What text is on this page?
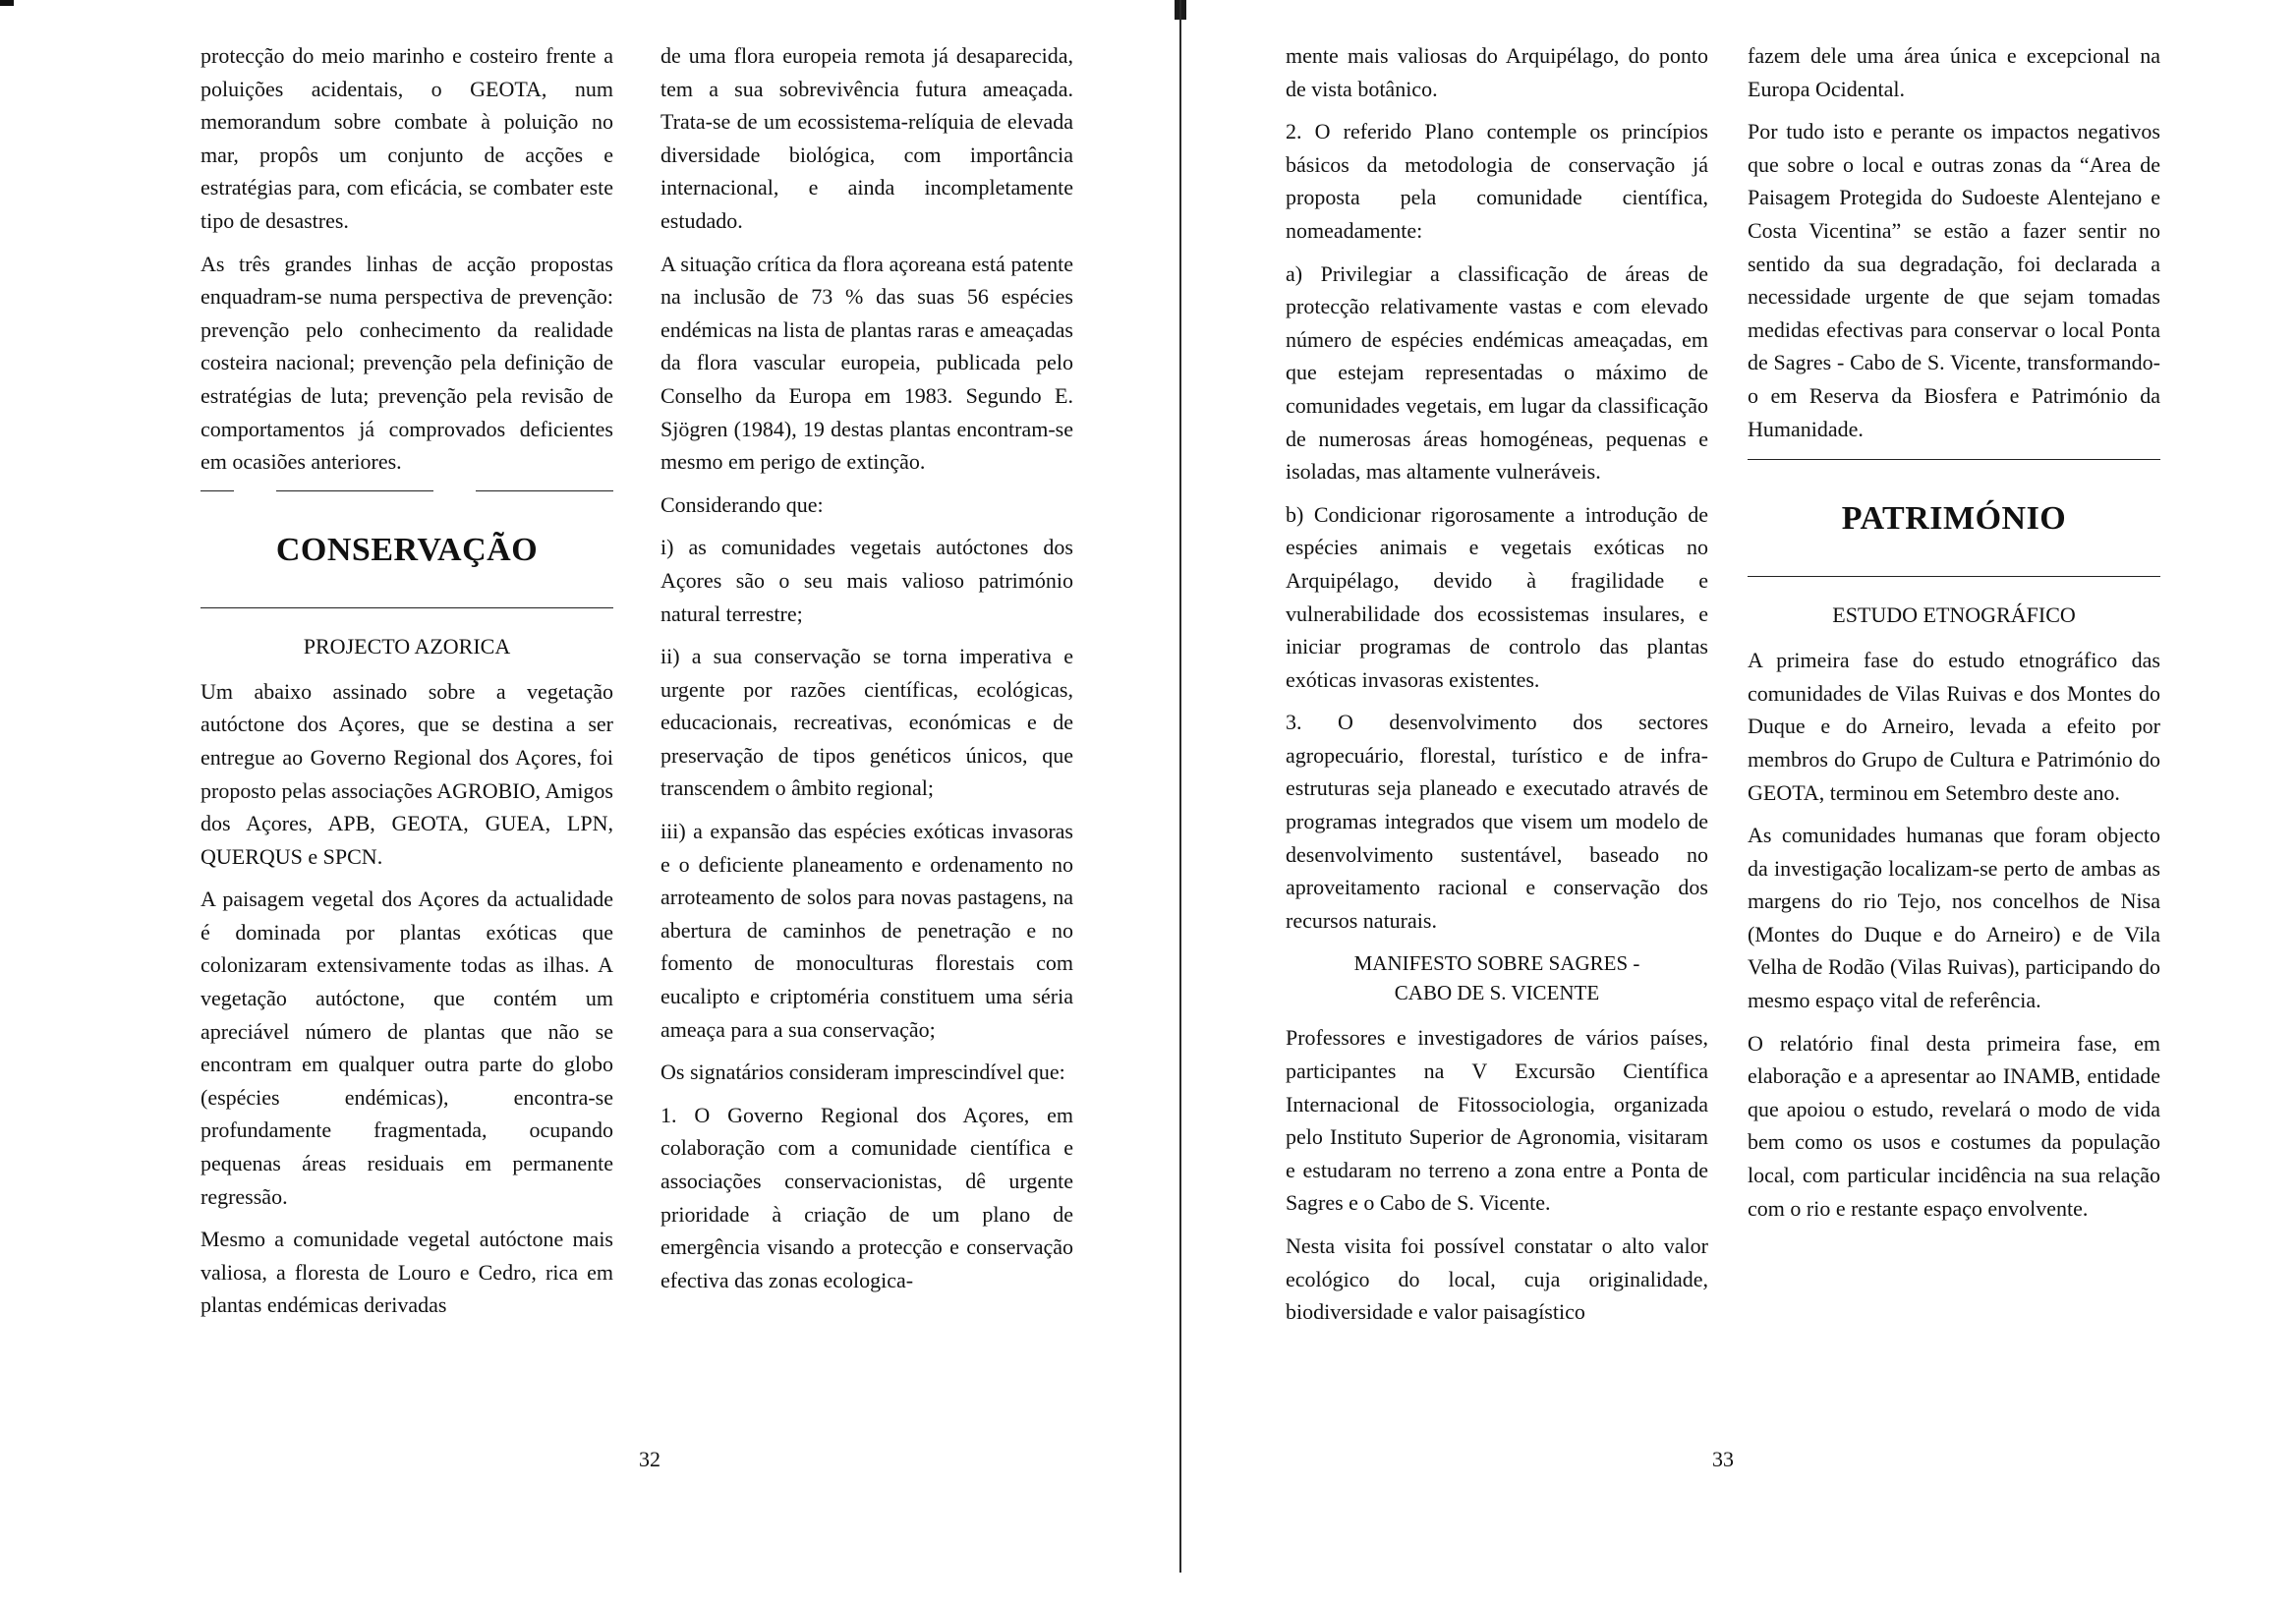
protecção do meio marinho e costeiro frente a poluições acidentais, o GEOTA, num memorandum sobre combate à poluição no mar, propôs um conjunto de acções e estratégias para, com eficácia, se combater este tipo de desastres.

As três grandes linhas de acção propostas enquadram-se numa perspectiva de prevenção: prevenção pelo conhecimento da realidade costeira nacional; prevenção pela definição de estratégias de luta; prevenção pela revisão de comportamentos já comprovados deficientes em ocasiões anteriores.

CONSERVAÇÃO
PROJECTO AZORICA

Um abaixo assinado sobre a vegetação autóctone dos Açores, que se destina a ser entregue ao Governo Regional dos Açores, foi proposto pelas associações AGROBIO, Amigos dos Açores, APB, GEOTA, GUEA, LPN, QUERQUS e SPCN.

A paisagem vegetal dos Açores da actualidade é dominada por plantas exóticas que colonizaram extensivamente todas as ilhas. A vegetação autóctone, que contém um apreciável número de plantas que não se encontram em qualquer outra parte do globo (espécies endémicas), encontra-se profundamente fragmentada, ocupando pequenas áreas residuais em permanente regressão.

Mesmo a comunidade vegetal autóctone mais valiosa, a floresta de Louro e Cedro, rica em plantas endémicas derivadas

de uma flora europeia remota já desaparecida, tem a sua sobrevivência futura ameaçada. Trata-se de um ecossistema-relíquia de elevada diversidade biológica, com importância internacional, e ainda incompletamente estudado.

A situação crítica da flora açoreana está patente na inclusão de 73 % das suas 56 espécies endémicas na lista de plantas raras e ameaçadas da flora vascular europeia, publicada pelo Conselho da Europa em 1983. Segundo E. Sjögren (1984), 19 destas plantas encontram-se mesmo em perigo de extinção.

Considerando que:

i) as comunidades vegetais autóctones dos Açores são o seu mais valioso património natural terrestre;

ii) a sua conservação se torna imperativa e urgente por razões científicas, ecológicas, educacionais, recreativas, económicas e de preservação de tipos genéticos únicos, que transcendem o âmbito regional;

iii) a expansão das espécies exóticas invasoras e o deficiente planeamento e ordenamento no arroteamento de solos para novas pastagens, na abertura de caminhos de penetração e no fomento de monoculturas florestais com eucalipto e criptoméria constituem uma séria ameaça para a sua conservação;

Os signatários consideram imprescindível que:

1. O Governo Regional dos Açores, em colaboração com a comunidade científica e associações conservacionistas, dê urgente prioridade à criação de um plano de emergência visando a protecção e conservação efectiva das zonas ecologica-

32

mente mais valiosas do Arquipélago, do ponto de vista botânico.

2. O referido Plano contemple os princípios básicos da metodologia de conservação já proposta pela comunidade científica, nomeadamente:

a) Privilegiar a classificação de áreas de protecção relativamente vastas e com elevado número de espécies endémicas ameaçadas, em que estejam representadas o máximo de comunidades vegetais, em lugar da classificação de numerosas áreas homogéneas, pequenas e isoladas, mas altamente vulneráveis.

b) Condicionar rigorosamente a introdução de espécies animais e vegetais exóticas no Arquipélago, devido à fragilidade e vulnerabilidade dos ecossistemas insulares, e iniciar programas de controlo das plantas exóticas invasoras existentes.

3. O desenvolvimento dos sectores agropecuário, florestal, turístico e de infra-estruturas seja planeado e executado através de programas integrados que visem um modelo de desenvolvimento sustentável, baseado no aproveitamento racional e conservação dos recursos naturais.

MANIFESTO SOBRE SAGRES -
CABO DE S. VICENTE

Professores e investigadores de vários países, participantes na V Excursão Científica Internacional de Fitossociologia, organizada pelo Instituto Superior de Agronomia, visitaram e estudaram no terreno a zona entre a Ponta de Sagres e o Cabo de S. Vicente.

Nesta visita foi possível constatar o alto valor ecológico do local, cuja originalidade, biodiversidade e valor paisagístico

fazem dele uma área única e excepcional na Europa Ocidental.

Por tudo isto e perante os impactos negativos que sobre o local e outras zonas da “Area de Paisagem Protegida do Sudoeste Alentejano e Costa Vicentina” se estão a fazer sentir no sentido da sua degradação, foi declarada a necessidade urgente de que sejam tomadas medidas efectivas para conservar o local Ponta de Sagres - Cabo de S. Vicente, transformando-o em Reserva da Biosfera e Património da Humanidade.

PATRIMÓNIO
ESTUDO ETNOGRÁFICO

A primeira fase do estudo etnográfico das comunidades de Vilas Ruivas e dos Montes do Duque e do Arneiro, levada a efeito por membros do Grupo de Cultura e Património do GEOTA, terminou em Setembro deste ano.

As comunidades humanas que foram objecto da investigação localizam-se perto de ambas as margens do rio Tejo, nos concelhos de Nisa (Montes do Duque e do Arneiro) e de Vila Velha de Rodão (Vilas Ruivas), participando do mesmo espaço vital de referência.

O relatório final desta primeira fase, em elaboração e a apresentar ao INAMB, entidade que apoiou o estudo, revelará o modo de vida bem como os usos e costumes da população local, com particular incidência na sua relação com o rio e restante espaço envolvente.

33
